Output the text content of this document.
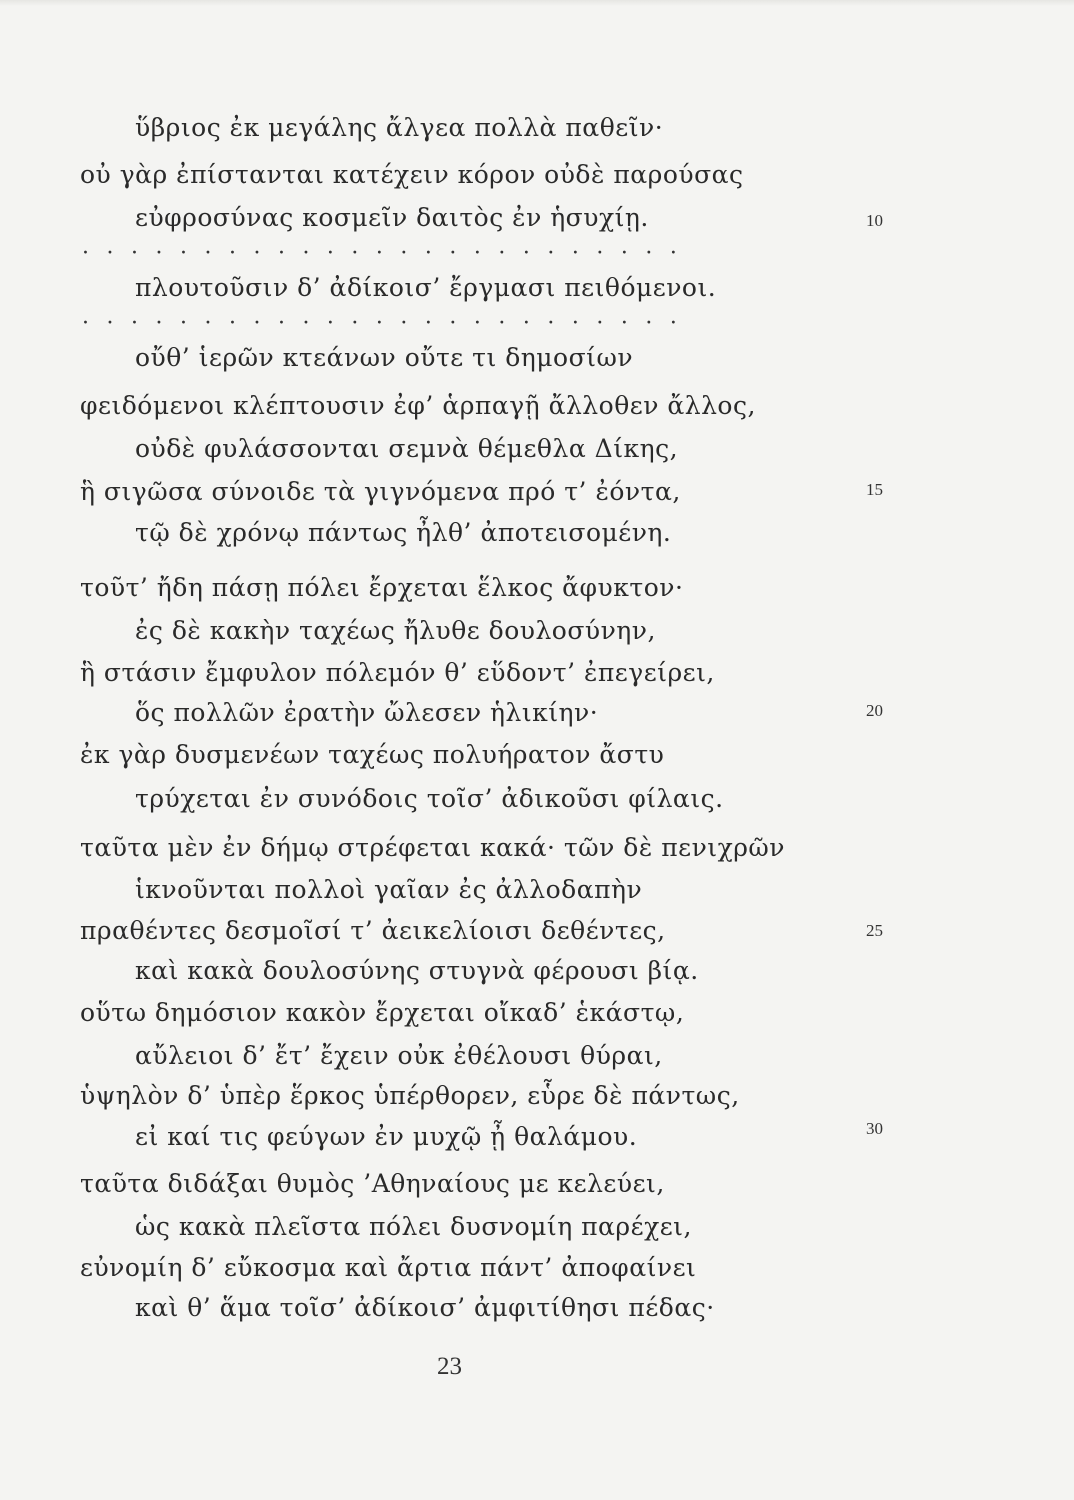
ὕβριος ἐκ μεγάλης ἄλγεα πολλὰ παθεῖν·
οὐ γὰρ ἐπίστανται κατέχειν κόρον οὐδὲ παρούσας
εὐφροσύνας κοσμεῖν δαιτὸς ἐν ἡσυχίῃ.	10
·························
πλουτοῦσιν δ’ ἀδίκοισ’ ἔργμασι πειθόμενοι.
·························
οὔθ’ ἱερῶν κτεάνων οὔτε τι δημοσίων
φειδόμενοι κλέπτουσιν ἐφ’ ἁρπαγῇ ἄλλοθεν ἄλλος,
οὐδὲ φυλάσσονται σεμνὰ θέμεθλα Δίκης,
ἣ σιγῶσα σύνοιδε τὰ γιγνόμενα πρό τ’ ἐόντα,	15
τῷ δὲ χρόνῳ πάντως ἦλθ’ ἀποτεισομένη.
τοῦτ’ ἤδη πάσῃ πόλει ἔρχεται ἕλκος ἄφυκτον·
ἐς δὲ κακὴν ταχέως ἤλυθε δουλοσύνην,
ἣ στάσιν ἔμφυλον πόλεμόν θ’ εὕδοντ’ ἐπεγείρει,
ὅς πολλῶν ἐρατὴν ὤλεσεν ἡλικίην·	20
ἐκ γὰρ δυσμενέων ταχέως πολυήρατον ἄστυ
τρύχεται ἐν συνόδοις τοῖσ’ ἀδικοῦσι φίλαις.
ταῦτα μὲν ἐν δήμῳ στρέφεται κακά· τῶν δὲ πενιχρῶν
ἱκνοῦνται πολλοὶ γαῖαν ἐς ἀλλοδαπὴν
πραθέντες δεσμοῖσί τ’ ἀεικελίοισι δεθέντες,	25
καὶ κακὰ δουλοσύνης στυγνὰ φέρουσι βίᾳ.
οὕτω δημόσιον κακὸν ἔρχεται οἴκαδ’ ἑκάστῳ,
αὔλειοι δ’ ἔτ’ ἔχειν οὐκ ἐθέλουσι θύραι,
ὑψηλὸν δ’ ὑπὲρ ἕρκος ὑπέρθορεν, εὗρε δὲ πάντως,
εἰ καί τις φεύγων ἐν μυχῷ ᾖ θαλάμου.	30
ταῦτα διδάξαι θυμὸς ’Αθηναίους με κελεύει,
ὡς κακὰ πλεῖστα πόλει δυσνομίη παρέχει,
εὐνομίη δ’ εὔκοσμα καὶ ἄρτια πάντ’ ἀποφαίνει
καὶ θ’ ἅμα τοῖσ’ ἀδίκοισ’ ἀμφιτίθησι πέδας·
23
